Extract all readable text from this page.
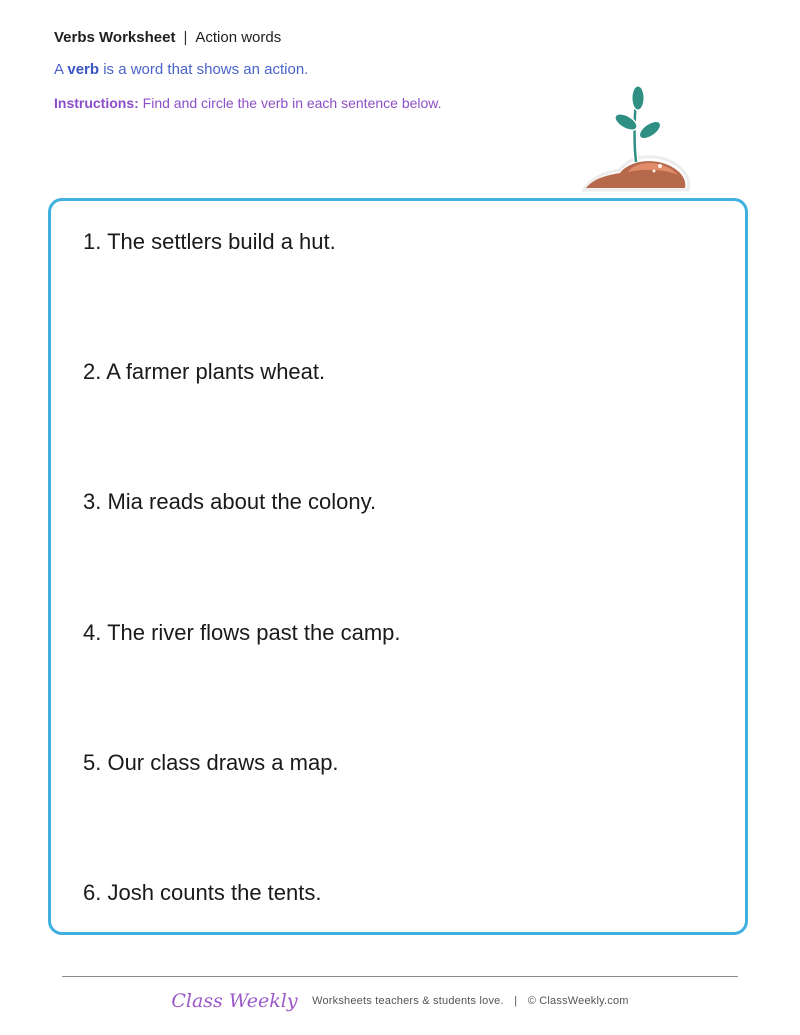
Verbs Worksheet | Action words
A verb is a word that shows an action.
Instructions: Find and circle the verb in each sentence below.
1. The settlers build a hut.
2. A farmer plants wheat.
3. Mia reads about the colony.
4. The river flows past the camp.
5. Our class draws a map.
6. Josh counts the tents.
Class Weekly Worksheets teachers & students love. | © ClassWeekly.com
